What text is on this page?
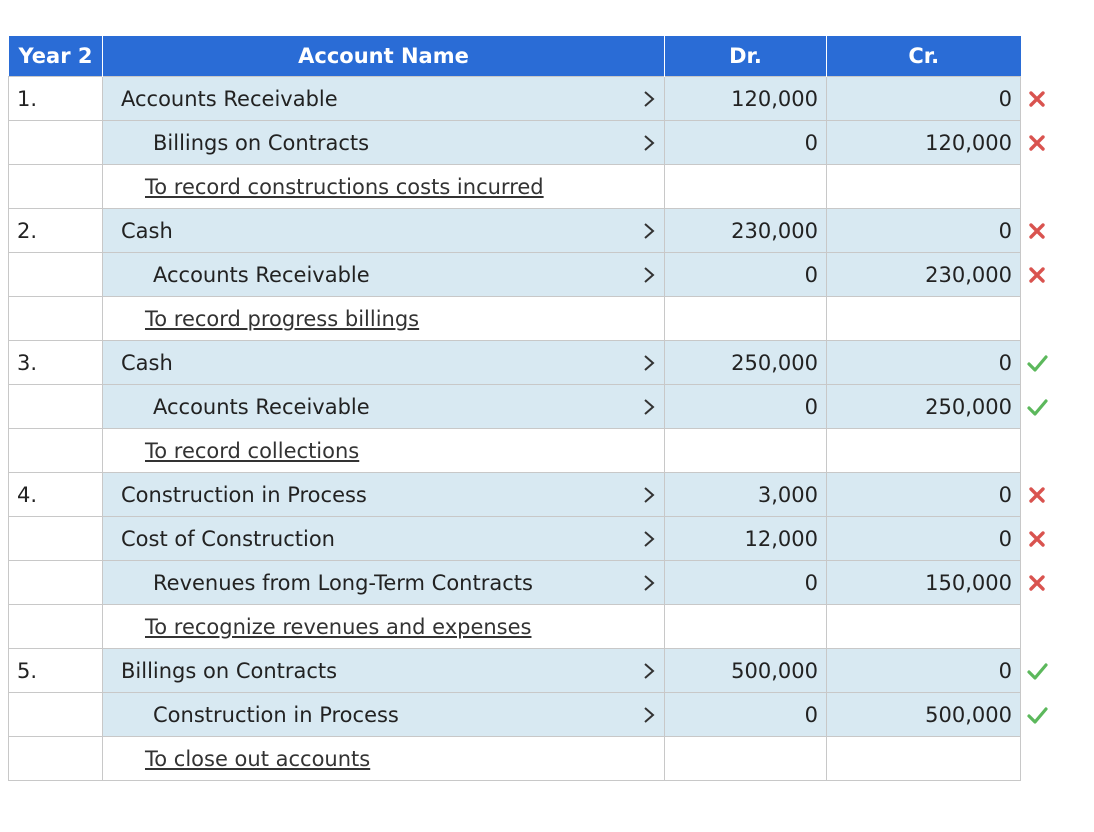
Year 2	Account Name	Dr.	Cr.
1.	Accounts Receivable	120,000	0

	Billings on Contracts	0	120,000

	To record constructions costs incurred		

2.	Cash	230,000	0

	Accounts Receivable	0	230,000

	To record progress billings		

3.	Cash	250,000	0

	Accounts Receivable	0	250,000

	To record collections		

4.	Construction in Process	3,000	0

	Cost of Construction	12,000	0

	Revenues from Long-Term Contracts	0	150,000

	To recognize revenues and expenses		

5.	Billings on Contracts	500,000	0

	Construction in Process	0	500,000

	To close out accounts		
